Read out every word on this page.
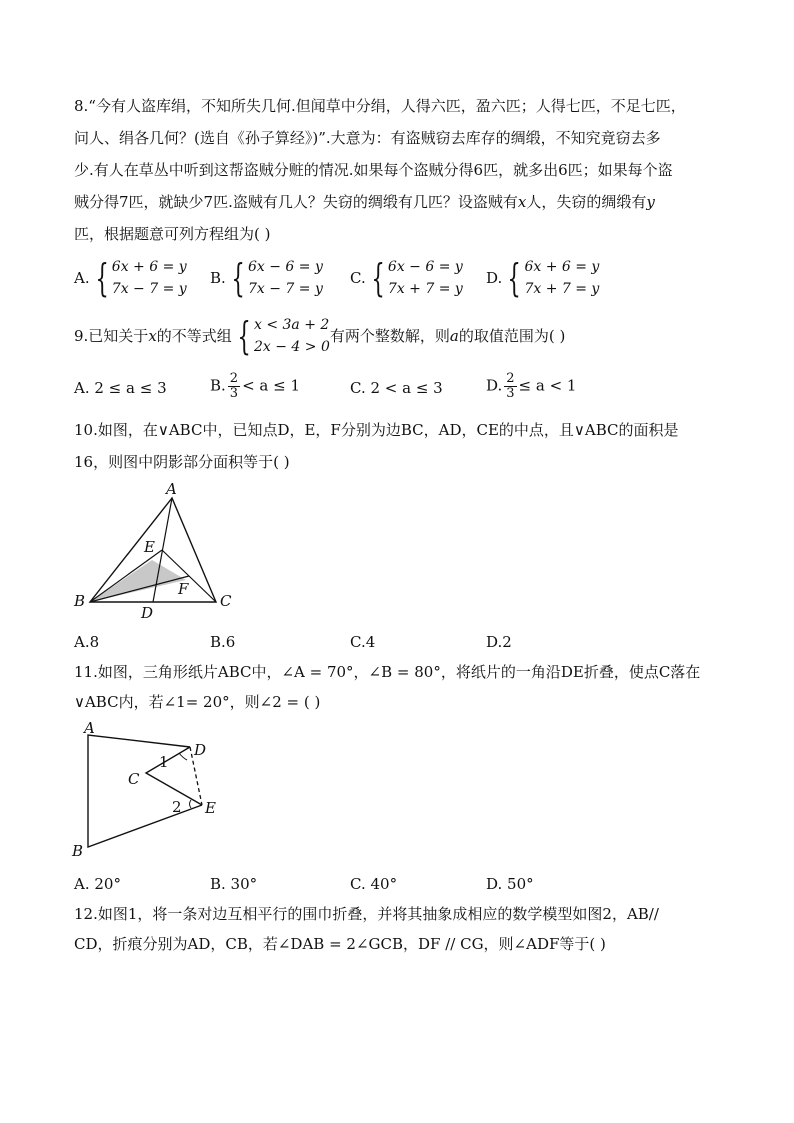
8.“今有人盗库绢，不知所失几何.但闻草中分绢，人得六匹，盈六匹；人得七匹，不足七匹，
问人、绢各几何？(选自《孙子算经》)”.大意为：有盗贼窃去库存的绸缎，不知究竟窃去多
少.有人在草丛中听到这帮盗贼分赃的情况.如果每个盗贼分得6匹，就多出6匹；如果每个盗
贼分得7匹，就缺少7匹.盗贼有几人？失窃的绸缎有几匹？设盗贼有x人，失窃的绸缎有y
匹，根据题意可列方程组为( )
A. { 6x + 6 = y
7x − 7 = y
B. { 6x − 6 = y
7x − 7 = y
C. { 6x − 6 = y
7x + 7 = y
D. { 6x + 6 = y
7x + 7 = y
9.已知关于 x 的不等式组 { x < 3a + 2
2x − 4 > 0
有两个整数解，则 a 的取值范围为( )
A. 2 ≤ a ≤ 3	B. $\frac{2}{3} < a \le 1$	C. 2 < a ≤ 3	D. $\frac{2}{3} \le a < 1$
10.如图，在∨ABC中，已知点D，E，F分别为边BC，AD，CE的中点，且∨ABC的面积是
16，则图中阴影部分面积等于( )
A
B	C
D
E
F
A.8	B.6	C.4	D.2
11.如图，三角形纸片ABC中，∠A = 70°，∠B = 80°，将纸片的一角沿DE折叠，使点C落在
∨ABC内，若∠1= 20°，则∠2 = ( )
A
B
C
D
E
1
2
A. 20°	B. 30°	C. 40°	D. 50°
12.如图1，将一条对边互相平行的围巾折叠，并将其抽象成相应的数学模型如图2，AB//
CD，折痕分别为AD，CB，若∠DAB = 2∠GCB，DF // CG，则∠ADF等于( )
